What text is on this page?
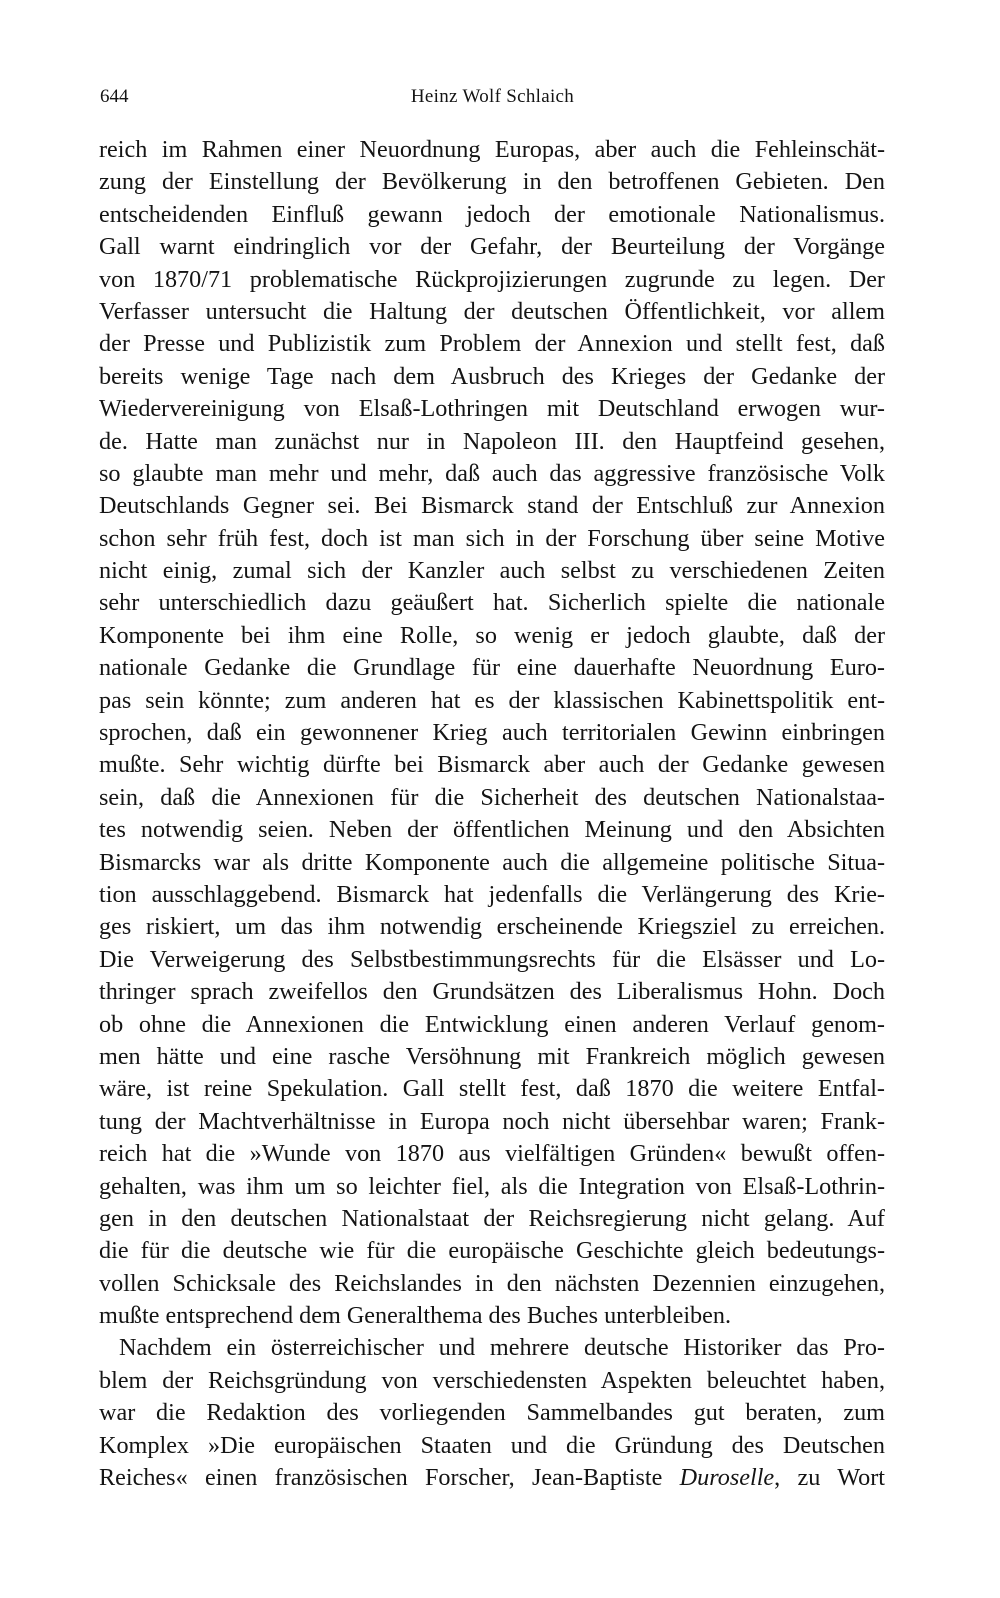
644	Heinz Wolf Schlaich
reich im Rahmen einer Neuordnung Europas, aber auch die Fehleinschät-
zung der Einstellung der Bevölkerung in den betroffenen Gebieten. Den
entscheidenden Einfluß gewann jedoch der emotionale Nationalismus.
Gall warnt eindringlich vor der Gefahr, der Beurteilung der Vorgänge
von 1870/71 problematische Rückprojizierungen zugrunde zu legen. Der
Verfasser untersucht die Haltung der deutschen Öffentlichkeit, vor allem
der Presse und Publizistik zum Problem der Annexion und stellt fest, daß
bereits wenige Tage nach dem Ausbruch des Krieges der Gedanke der
Wiedervereinigung von Elsaß-Lothringen mit Deutschland erwogen wur-
de. Hatte man zunächst nur in Napoleon III. den Hauptfeind gesehen,
so glaubte man mehr und mehr, daß auch das aggressive französische Volk
Deutschlands Gegner sei. Bei Bismarck stand der Entschluß zur Annexion
schon sehr früh fest, doch ist man sich in der Forschung über seine Motive
nicht einig, zumal sich der Kanzler auch selbst zu verschiedenen Zeiten
sehr unterschiedlich dazu geäußert hat. Sicherlich spielte die nationale
Komponente bei ihm eine Rolle, so wenig er jedoch glaubte, daß der
nationale Gedanke die Grundlage für eine dauerhafte Neuordnung Euro-
pas sein könnte; zum anderen hat es der klassischen Kabinettspolitik ent-
sprochen, daß ein gewonnener Krieg auch territorialen Gewinn einbringen
mußte. Sehr wichtig dürfte bei Bismarck aber auch der Gedanke gewesen
sein, daß die Annexionen für die Sicherheit des deutschen Nationalstaa-
tes notwendig seien. Neben der öffentlichen Meinung und den Absichten
Bismarcks war als dritte Komponente auch die allgemeine politische Situa-
tion ausschlaggebend. Bismarck hat jedenfalls die Verlängerung des Krie-
ges riskiert, um das ihm notwendig erscheinende Kriegsziel zu erreichen.
Die Verweigerung des Selbstbestimmungsrechts für die Elsässer und Lo-
thringer sprach zweifellos den Grundsätzen des Liberalismus Hohn. Doch
ob ohne die Annexionen die Entwicklung einen anderen Verlauf genom-
men hätte und eine rasche Versöhnung mit Frankreich möglich gewesen
wäre, ist reine Spekulation. Gall stellt fest, daß 1870 die weitere Entfal-
tung der Machtverhältnisse in Europa noch nicht übersehbar waren; Frank-
reich hat die »Wunde von 1870 aus vielfältigen Gründen« bewußt offen-
gehalten, was ihm um so leichter fiel, als die Integration von Elsaß-Lothrin-
gen in den deutschen Nationalstaat der Reichsregierung nicht gelang. Auf
die für die deutsche wie für die europäische Geschichte gleich bedeutungs-
vollen Schicksale des Reichslandes in den nächsten Dezennien einzugehen,
mußte entsprechend dem Generalthema des Buches unterbleiben.
Nachdem ein österreichischer und mehrere deutsche Historiker das Pro-
blem der Reichsgründung von verschiedensten Aspekten beleuchtet haben,
war die Redaktion des vorliegenden Sammelbandes gut beraten, zum
Komplex »Die europäischen Staaten und die Gründung des Deutschen
Reiches« einen französischen Forscher, Jean-Baptiste Duroselle, zu Wort
